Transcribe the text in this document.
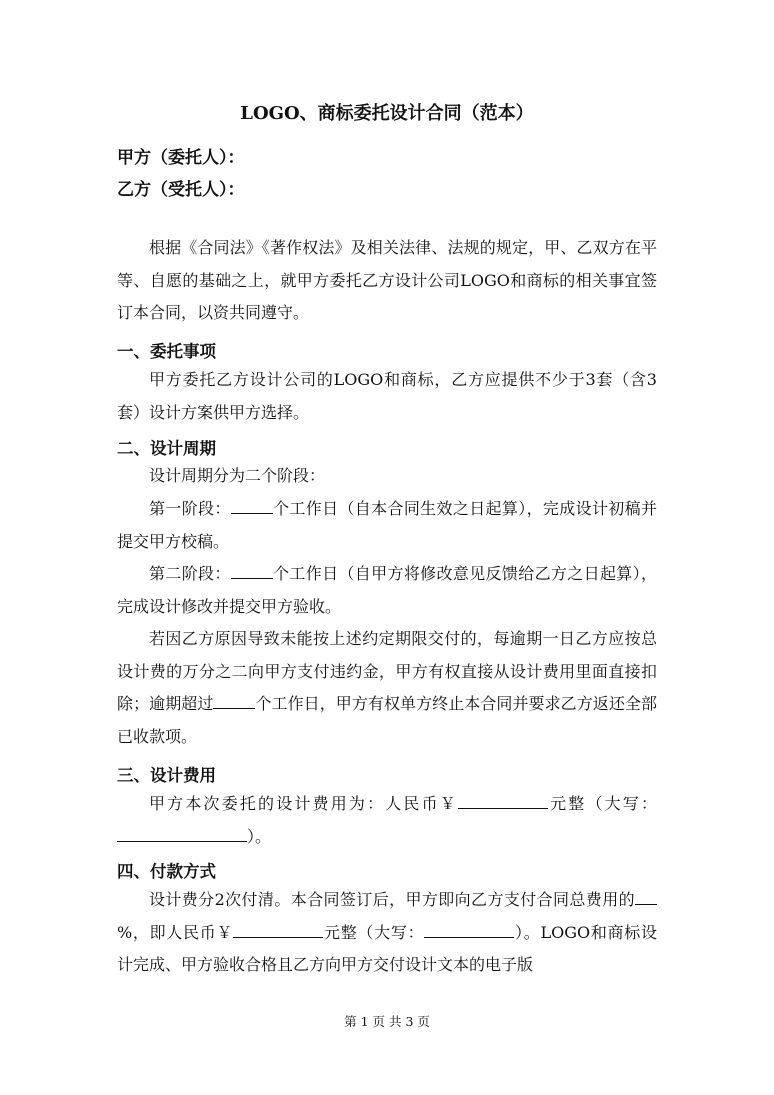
LOGO、商标委托设计合同（范本）
甲方（委托人）：
乙方（受托人）：

根据《合同法》《著作权法》及相关法律、法规的规定，甲、乙双方在平等、自愿的基础之上，就甲方委托乙方设计公司LOGO和商标的相关事宜签订本合同，以资共同遵守。

一、委托事项

甲方委托乙方设计公司的LOGO和商标，乙方应提供不少于3套（含3套）设计方案供甲方选择。

二、设计周期

设计周期分为二个阶段：

第一阶段：	个工作日（自本合同生效之日起算），完成设计初稿并提交甲方校稿。

第二阶段：	个工作日（自甲方将修改意见反馈给乙方之日起算），完成设计修改并提交甲方验收。

若因乙方原因导致未能按上述约定期限交付的，每逾期一日乙方应按总设计费的万分之二向甲方支付违约金，甲方有权直接从设计费用里面直接扣除；逾期超过	个工作日，甲方有权单方终止本合同并要求乙方返还全部已收款项。

三、设计费用

甲方本次委托的设计费用为：人民币￥	元整（大写：）。

四、付款方式

设计费分2次付清。本合同签订后，甲方即向乙方支付合同总费用的%，即人民币￥	元整（大写：	）。LOGO和商标设计完成、甲方验收合格且乙方向甲方交付设计文本的电子版

第 1 页 共 3 页
